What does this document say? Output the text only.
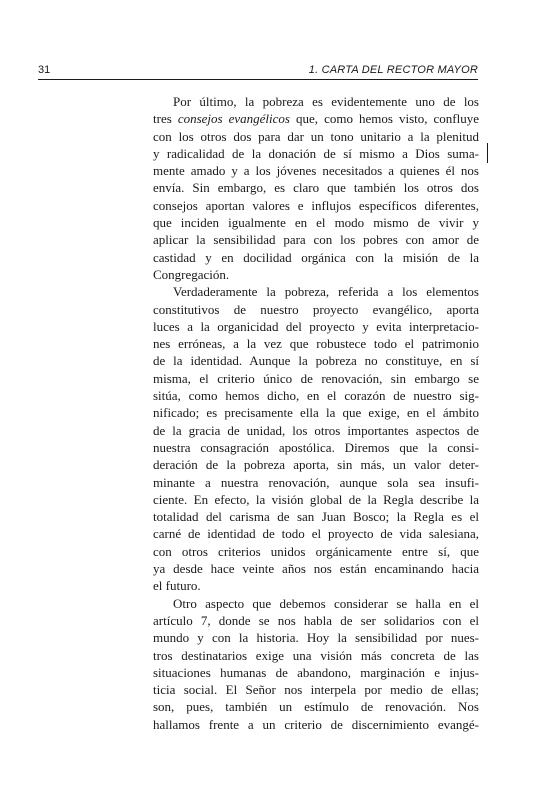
31	1. CARTA DEL RECTOR MAYOR
Por último, la pobreza es evidentemente uno de los
tres consejos evangélicos que, como hemos visto, confluye
con los otros dos para dar un tono unitario a la plenitud
y radicalidad de la donación de sí mismo a Dios suma-
mente amado y a los jóvenes necesitados a quienes él nos
envía. Sin embargo, es claro que también los otros dos
consejos aportan valores e influjos específicos diferentes,
que inciden igualmente en el modo mismo de vivir y
aplicar la sensibilidad para con los pobres con amor de
castidad y en docilidad orgánica con la misión de la
Congregación.
Verdaderamente la pobreza, referida a los elementos
constitutivos de nuestro proyecto evangélico, aporta
luces a la organicidad del proyecto y evita interpretacio-
nes erróneas, a la vez que robustece todo el patrimonio
de la identidad. Aunque la pobreza no constituye, en sí
misma, el criterio único de renovación, sin embargo se
sitúa, como hemos dicho, en el corazón de nuestro sig-
nificado; es precisamente ella la que exige, en el ámbito
de la gracia de unidad, los otros importantes aspectos de
nuestra consagración apostólica. Diremos que la consi-
deración de la pobreza aporta, sin más, un valor deter-
minante a nuestra renovación, aunque sola sea insufi-
ciente. En efecto, la visión global de la Regla describe la
totalidad del carisma de san Juan Bosco; la Regla es el
carné de identidad de todo el proyecto de vida salesiana,
con otros criterios unidos orgánicamente entre sí, que
ya desde hace veinte años nos están encaminando hacia
el futuro.
Otro aspecto que debemos considerar se halla en el
artículo 7, donde se nos habla de ser solidarios con el
mundo y con la historia. Hoy la sensibilidad por nues-
tros destinatarios exige una visión más concreta de las
situaciones humanas de abandono, marginación e injus-
ticia social. El Señor nos interpela por medio de ellas;
son, pues, también un estímulo de renovación. Nos
hallamos frente a un criterio de discernimiento evangé-
